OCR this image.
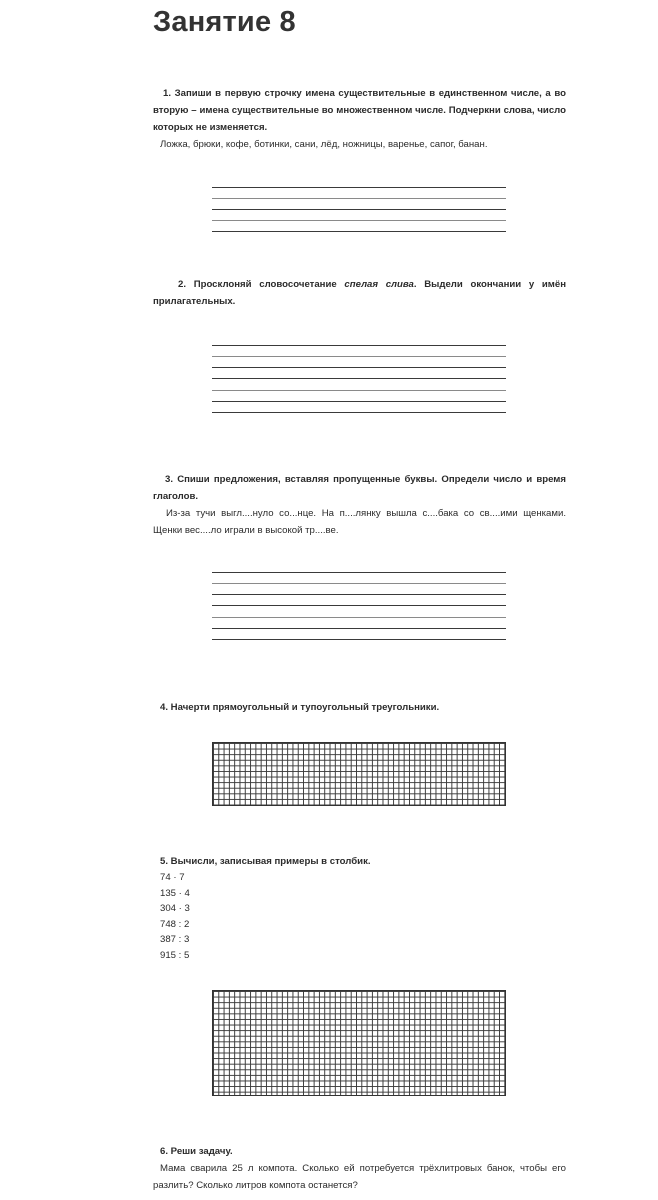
Занятие 8
1. Запиши в первую строчку имена существительные в единственном числе, а во вторую – имена существительные во множественном числе. Подчеркни слова, число которых не изменяется.
Ложка, брюки, кофе, ботинки, сани, лёд, ножницы, варенье, сапог, банан.
2. Просклоняй словосочетание спелая слива. Выдели окончании у имён прилагательных.
3. Спиши предложения, вставляя пропущенные буквы. Определи число и время глаголов.
Из-за тучи выгл....нуло со...нце. На п....лянку вышла с....бака со св....ими щенками. Щенки вес....ло играли в высокой тр....ве.
4. Начерти прямоугольный и тупоугольный треугольники.
5. Вычисли, записывая примеры в столбик.
74 · 7
135 · 4
304 · 3
748 : 2
387 : 3
915 : 5
6. Реши задачу.
Мама сварила 25 л компота. Сколько ей потребуется трёхлитровых банок, чтобы его разлить? Сколько литров компота останется?
